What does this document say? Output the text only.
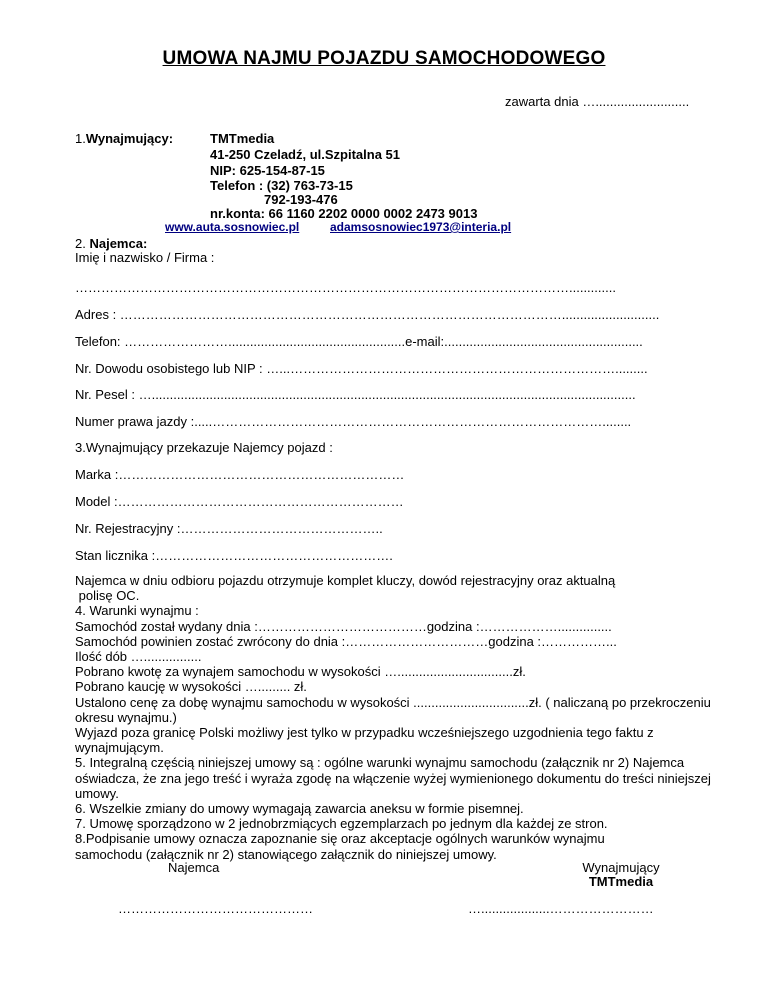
UMOWA NAJMU POJAZDU SAMOCHODOWEGO
zawarta dnia …..........................
1.Wynajmujący:	TMTmedia
41-250 Czeladź, ul.Szpitalna 51
NIP: 625-154-87-15
Telefon : (32) 763-73-15
792-193-476
nr.konta: 66 1160 2202 0000 0002 2473 9013
www.auta.sosnowiec.pl	adamsosnowiec1973@interia.pl
2. Najemca:
Imię i nazwisko / Firma :
…………………………………………………………………………………………………….............
Adres : …………………………………………………………………………………………...........................
Telefon: …………………….................................................e-mail:.......................................................
Nr. Dowodu osobistego lub NIP : …...………………………………………………………………….........
Nr. Pesel : …......................................................................................................................................
Numer prawa jazdy :.....………………………………………………………………………………........
3.Wynajmujący przekazuje Najemcy pojazd :
Marka :…………………………………………………………
Model :…………………………………………………………
Nr. Rejestracyjny :………………………………………..
Stan licznika :……………………………………………….
Najemca w dniu odbioru pojazdu otrzymuje komplet kluczy, dowód rejestracyjny oraz aktualną
polisę OC.
4. Warunki wynajmu :
Samochód został wydany dnia :…………………………………godzina :………………...............
Samochód powinien zostać zwrócony do dnia :……………………………godzina :……………...
Ilość dób …................
Pobrano kwotę za wynajem samochodu w wysokości …................................zł.
Pobrano kaucję w wysokości …......... zł.
Ustalono cenę za dobę wynajmu samochodu w wysokości ................................zł. ( naliczaną po przekroczeniu okresu wynajmu.)
Wyjazd poza granicę Polski możliwy jest tylko w przypadku wcześniejszego uzgodnienia tego faktu z wynajmującym.
5. Integralną częścią niniejszej umowy są : ogólne warunki wynajmu samochodu (załącznik nr 2) Najemca oświadcza, że zna jego treść i wyraża zgodę na włączenie wyżej wymienionego dokumentu do treści niniejszej umowy.
6. Wszelkie zmiany do umowy wymagają zawarcia aneksu w formie pisemnej.
7. Umowę sporządzono w 2 jednobrzmiących egzemplarzach po jednym dla każdej ze stron.
8.Podpisanie umowy oznacza zapoznanie się oraz akceptacje ogólnych warunków wynajmu samochodu (załącznik nr 2) stanowiącego załącznik do niniejszej umowy.
Najemca	Wynajmujący
TMTmedia
………………………………………	…...................……………………
